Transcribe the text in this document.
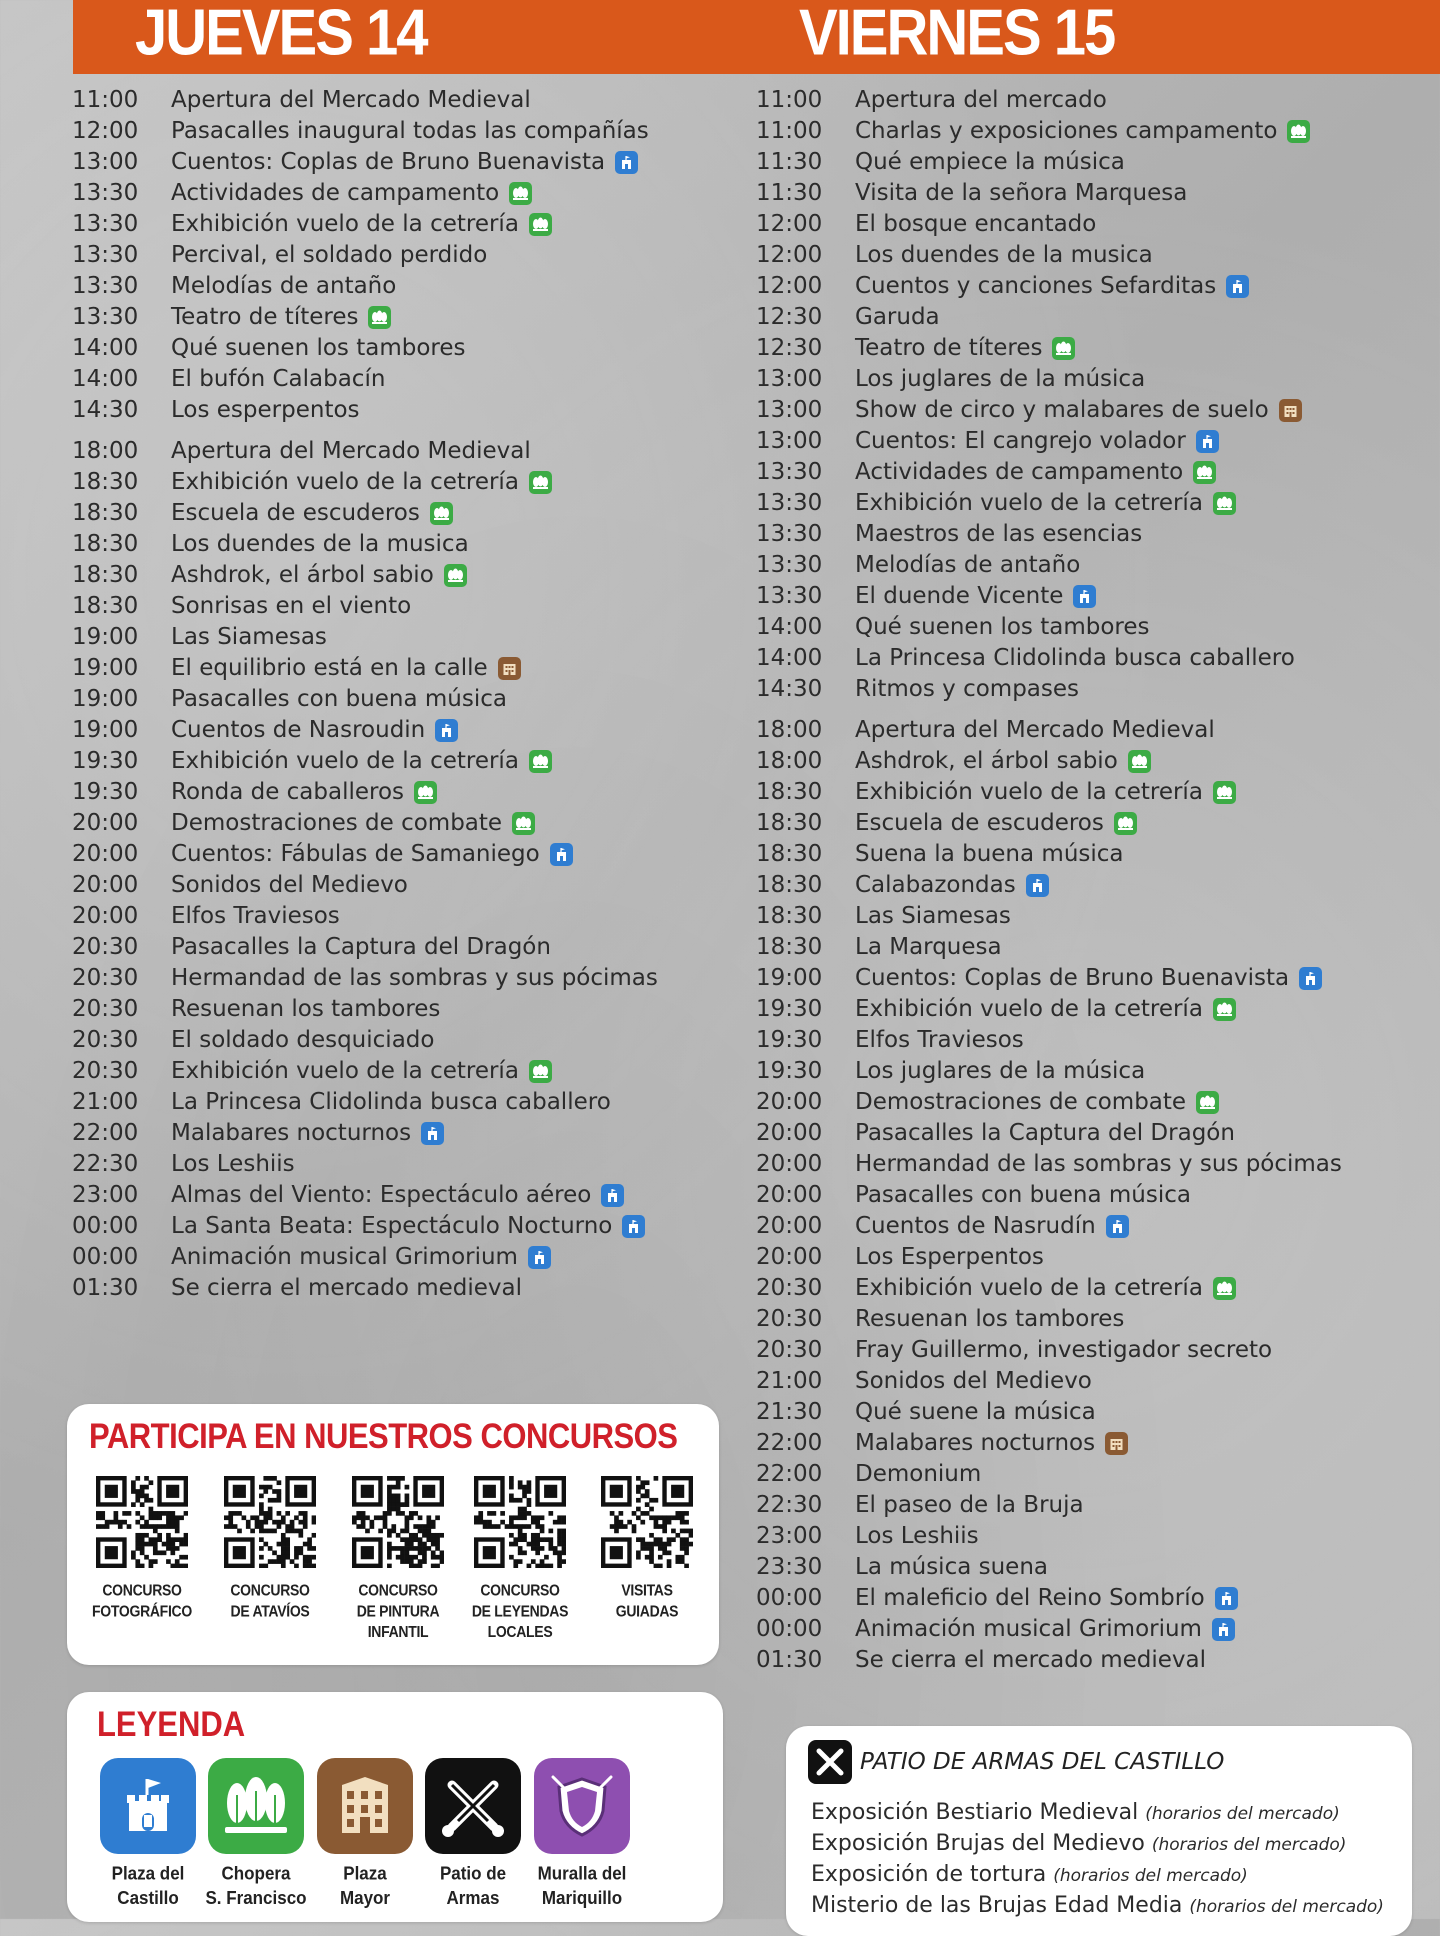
JUEVES 14	VIERNES 15
11:00	Apertura del Mercado Medieval
12:00	Pasacalles inaugural todas las compañías
13:00	Cuentos: Coplas de Bruno Buenavista
13:30	Actividades de campamento
13:30	Exhibición vuelo de la cetrería
13:30	Percival, el soldado perdido
13:30	Melodías de antaño
13:30	Teatro de títeres
14:00	Qué suenen los tambores
14:00	El bufón Calabacín
14:30	Los esperpentos
18:00	Apertura del Mercado Medieval
18:30	Exhibición vuelo de la cetrería
18:30	Escuela de escuderos
18:30	Los duendes de la musica
18:30	Ashdrok, el árbol sabio
18:30	Sonrisas en el viento
19:00	Las Siamesas
19:00	El equilibrio está en la calle
19:00	Pasacalles con buena música
19:00	Cuentos de Nasroudin
19:30	Exhibición vuelo de la cetrería
19:30	Ronda de caballeros
20:00	Demostraciones de combate
20:00	Cuentos: Fábulas de Samaniego
20:00	Sonidos del Medievo
20:00	Elfos Traviesos
20:30	Pasacalles la Captura del Dragón
20:30	Hermandad de las sombras y sus pócimas
20:30	Resuenan los tambores
20:30	El soldado desquiciado
20:30	Exhibición vuelo de la cetrería
21:00	La Princesa Clidolinda busca caballero
22:00	Malabares nocturnos
22:30	Los Leshiis
23:00	Almas del Viento: Espectáculo aéreo
00:00	La Santa Beata: Espectáculo Nocturno
00:00	Animación musical Grimorium
01:30	Se cierra el mercado medieval
11:00	Apertura del mercado
11:00	Charlas y exposiciones campamento
11:30	Qué empiece la música
11:30	Visita de la señora Marquesa
12:00	El bosque encantado
12:00	Los duendes de la musica
12:00	Cuentos y canciones Sefarditas
12:30	Garuda
12:30	Teatro de títeres
13:00	Los juglares de la música
13:00	Show de circo y malabares de suelo
13:00	Cuentos: El cangrejo volador
13:30	Actividades de campamento
13:30	Exhibición vuelo de la cetrería
13:30	Maestros de las esencias
13:30	Melodías de antaño
13:30	El duende Vicente
14:00	Qué suenen los tambores
14:00	La Princesa Clidolinda busca caballero
14:30	Ritmos y compases
18:00	Apertura del Mercado Medieval
18:00	Ashdrok, el árbol sabio
18:30	Exhibición vuelo de la cetrería
18:30	Escuela de escuderos
18:30	Suena la buena música
18:30	Calabazondas
18:30	Las Siamesas
18:30	La Marquesa
19:00	Cuentos: Coplas de Bruno Buenavista
19:30	Exhibición vuelo de la cetrería
19:30	Elfos Traviesos
19:30	Los juglares de la música
20:00	Demostraciones de combate
20:00	Pasacalles la Captura del Dragón
20:00	Hermandad de las sombras y sus pócimas
20:00	Pasacalles con buena música
20:00	Cuentos de Nasrudín
20:00	Los Esperpentos
20:30	Exhibición vuelo de la cetrería
20:30	Resuenan los tambores
20:30	Fray Guillermo, investigador secreto
21:00	Sonidos del Medievo
21:30	Qué suene la música
22:00	Malabares nocturnos
22:00	Demonium
22:30	El paseo de la Bruja
23:00	Los Leshiis
23:30	La música suena
00:00	El maleficio del Reino Sombrío
00:00	Animación musical Grimorium
01:30	Se cierra el mercado medieval
PARTICIPA EN NUESTROS CONCURSOS
CONCURSO
FOTOGRÁFICO
CONCURSO
DE ATAVÍOS
CONCURSO
DE PINTURA
INFANTIL
CONCURSO
DE LEYENDAS
LOCALES
VISITAS
GUIADAS
LEYENDA
Plaza del
Castillo
Chopera
S. Francisco
Plaza
Mayor
Patio de
Armas
Muralla del
Mariquillo
PATIO DE ARMAS DEL CASTILLO
Exposición Bestiario Medieval (horarios del mercado)
Exposición Brujas del Medievo (horarios del mercado)
Exposición de tortura (horarios del mercado)
Misterio de las Brujas Edad Media (horarios del mercado)
